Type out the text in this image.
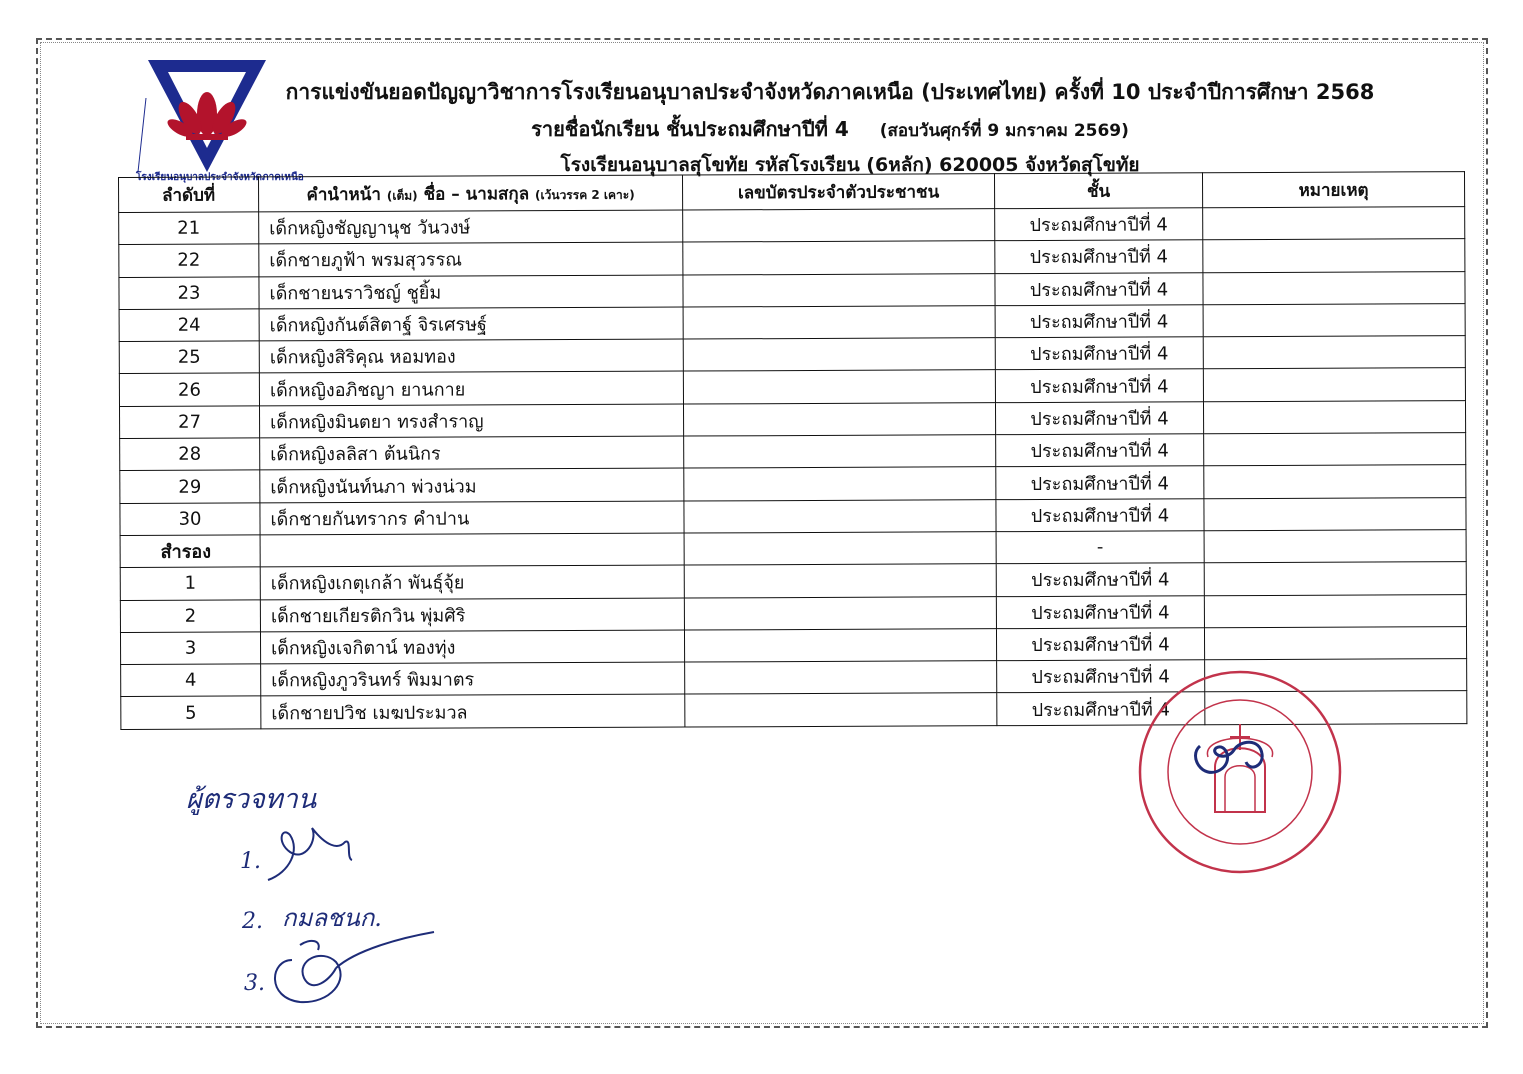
โรงเรียนอนุบาลประจำจังหวัดภาคเหนือ
การแข่งขันยอดปัญญาวิชาการโรงเรียนอนุบาลประจำจังหวัดภาคเหนือ (ประเทศไทย) ครั้งที่ 10 ประจำปีการศึกษา 2568
รายชื่อนักเรียน ชั้นประถมศึกษาปีที่ 4 (สอบวันศุกร์ที่ 9 มกราคม 2569)
โรงเรียนอนุบาลสุโขทัย รหัสโรงเรียน (6หลัก) 620005 จังหวัดสุโขทัย
ลำดับที่	คำนำหน้า (เต็ม) ชื่อ – นามสกุล (เว้นวรรค 2 เคาะ)	เลขบัตรประจำตัวประชาชน	ชั้น	หมายเหตุ
21	เด็กหญิงชัญญานุช วันวงษ์		ประถมศึกษาปีที่ 4	
22	เด็กชายภูฟ้า พรมสุวรรณ		ประถมศึกษาปีที่ 4	
23	เด็กชายนราวิชญ์ ชูยิ้ม		ประถมศึกษาปีที่ 4	
24	เด็กหญิงกันต์สิตาฐ์ จิรเศรษฐ์		ประถมศึกษาปีที่ 4	
25	เด็กหญิงสิริคุณ หอมทอง		ประถมศึกษาปีที่ 4	
26	เด็กหญิงอภิชญา ยานกาย		ประถมศึกษาปีที่ 4	
27	เด็กหญิงมินตยา ทรงสำราญ		ประถมศึกษาปีที่ 4	
28	เด็กหญิงลลิสา ต้นนิกร		ประถมศึกษาปีที่ 4	
29	เด็กหญิงนันท์นภา พ่วงน่วม		ประถมศึกษาปีที่ 4	
30	เด็กชายกันทรากร คำปาน		ประถมศึกษาปีที่ 4	
สำรอง			-	
1	เด็กหญิงเกตุเกล้า พันธุ์จุ้ย		ประถมศึกษาปีที่ 4	
2	เด็กชายเกียรติกวิน พุ่มศิริ		ประถมศึกษาปีที่ 4	
3	เด็กหญิงเจกิตาน์ ทองทุ่ง		ประถมศึกษาปีที่ 4	
4	เด็กหญิงภูวรินทร์ พิมมาตร		ประถมศึกษาปีที่ 4	
5	เด็กชายปวิช เมฆประมวล		ประถมศึกษาปีที่ 4	
ผู้ตรวจทาน
1.
2. กมลชนก.
3.
